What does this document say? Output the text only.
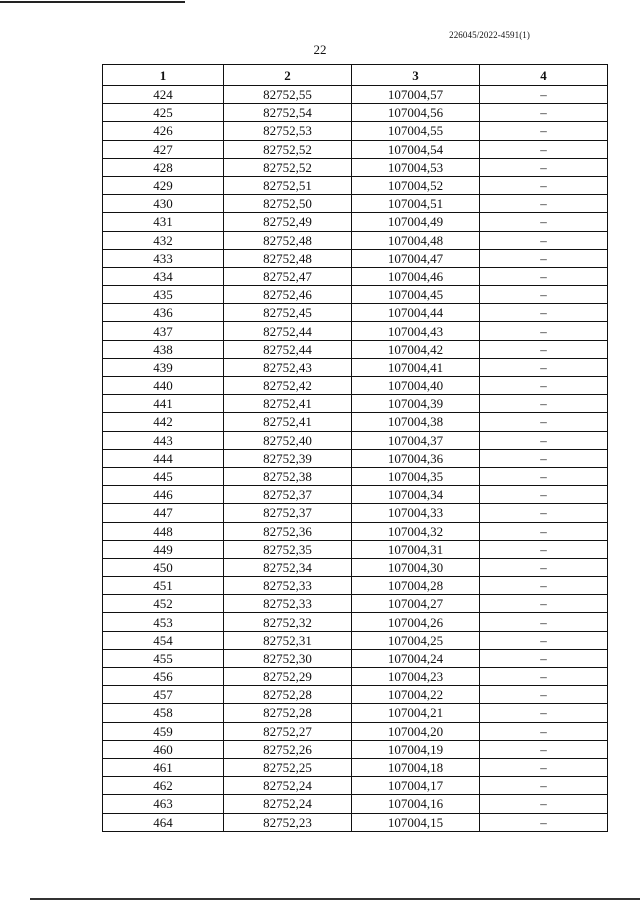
226045/2022-4591(1)
22
1	2	3	4
424	82752,55	107004,57	–
425	82752,54	107004,56	–
426	82752,53	107004,55	–
427	82752,52	107004,54	–
428	82752,52	107004,53	–
429	82752,51	107004,52	–
430	82752,50	107004,51	–
431	82752,49	107004,49	–
432	82752,48	107004,48	–
433	82752,48	107004,47	–
434	82752,47	107004,46	–
435	82752,46	107004,45	–
436	82752,45	107004,44	–
437	82752,44	107004,43	–
438	82752,44	107004,42	–
439	82752,43	107004,41	–
440	82752,42	107004,40	–
441	82752,41	107004,39	–
442	82752,41	107004,38	–
443	82752,40	107004,37	–
444	82752,39	107004,36	–
445	82752,38	107004,35	–
446	82752,37	107004,34	–
447	82752,37	107004,33	–
448	82752,36	107004,32	–
449	82752,35	107004,31	–
450	82752,34	107004,30	–
451	82752,33	107004,28	–
452	82752,33	107004,27	–
453	82752,32	107004,26	–
454	82752,31	107004,25	–
455	82752,30	107004,24	–
456	82752,29	107004,23	–
457	82752,28	107004,22	–
458	82752,28	107004,21	–
459	82752,27	107004,20	–
460	82752,26	107004,19	–
461	82752,25	107004,18	–
462	82752,24	107004,17	–
463	82752,24	107004,16	–
464	82752,23	107004,15	–
